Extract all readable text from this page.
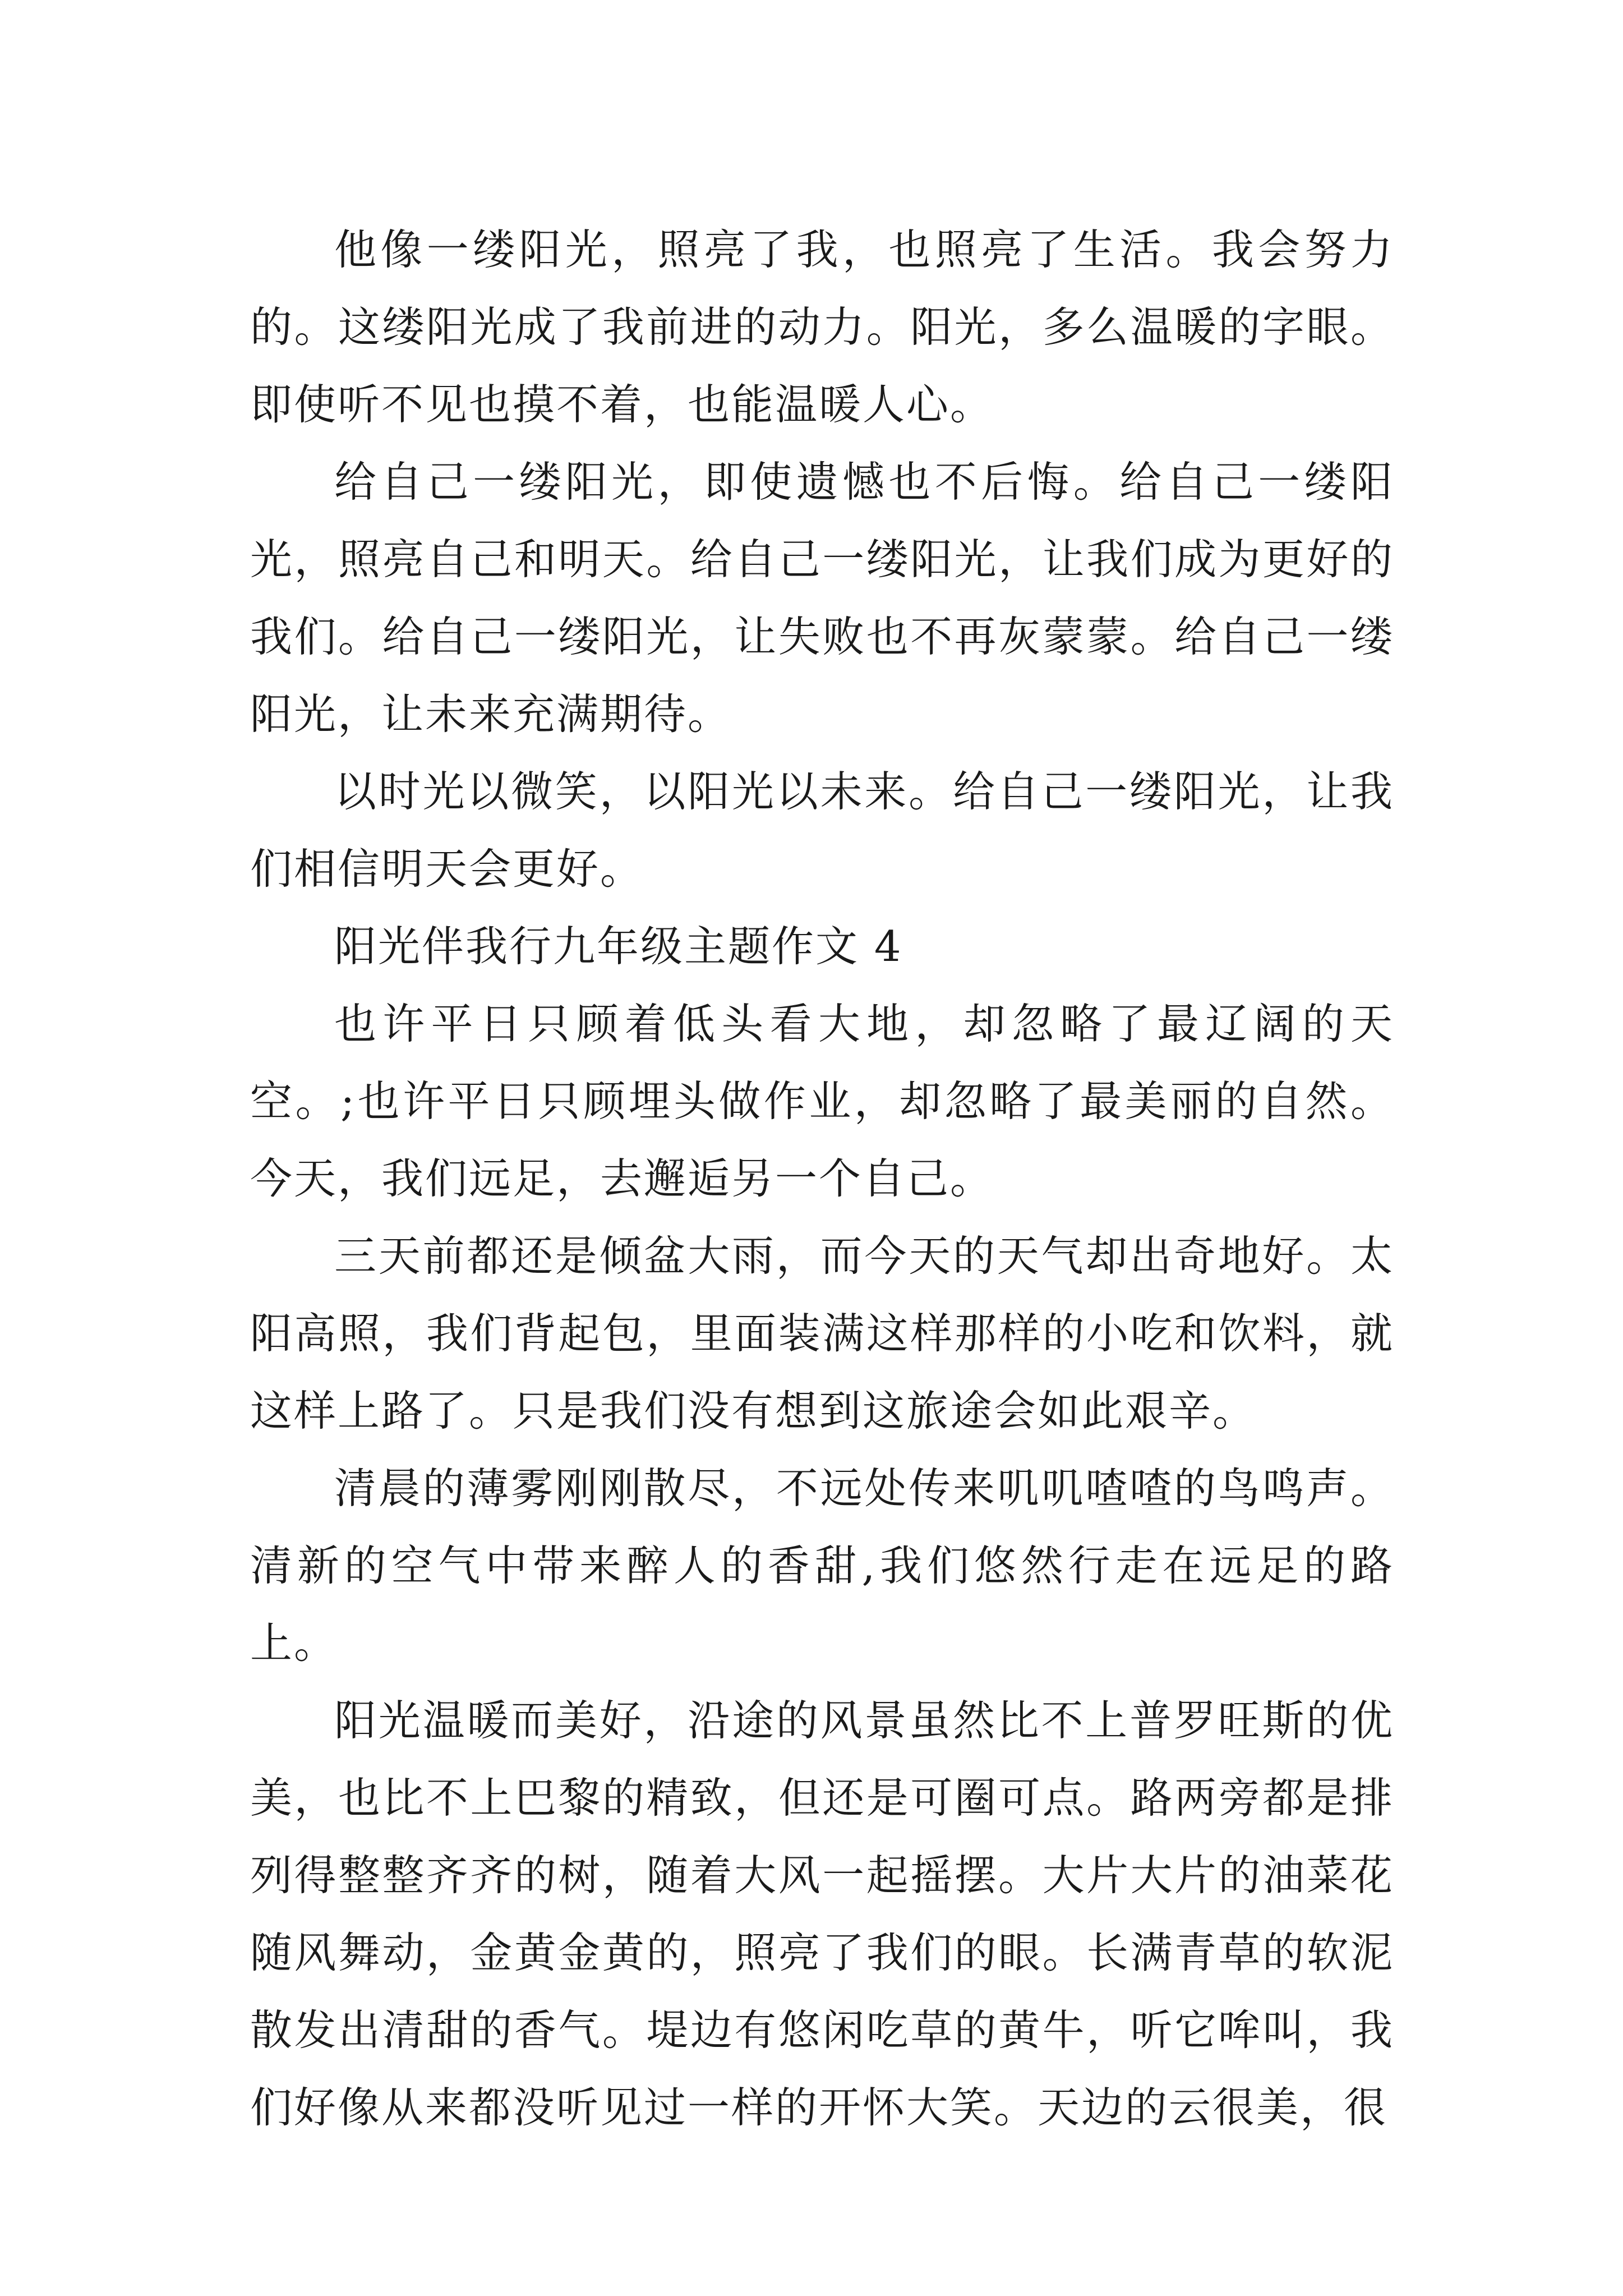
他像一缕阳光，照亮了我，也照亮了生活。我会努力的。这缕阳光成了我前进的动力。阳光，多么温暖的字眼。即使听不见也摸不着，也能温暖人心。

给自己一缕阳光，即使遗憾也不后悔。给自己一缕阳光，照亮自己和明天。给自己一缕阳光，让我们成为更好的我们。给自己一缕阳光，让失败也不再灰蒙蒙。给自己一缕阳光，让未来充满期待。

以时光以微笑，以阳光以未来。给自己一缕阳光，让我们相信明天会更好。

阳光伴我行九年级主题作文 4

也许平日只顾着低头看大地，却忽略了最辽阔的天空。;也许平日只顾埋头做作业，却忽略了最美丽的自然。今天，我们远足，去邂逅另一个自己。

三天前都还是倾盆大雨，而今天的天气却出奇地好。太阳高照，我们背起包，里面装满这样那样的小吃和饮料，就这样上路了。只是我们没有想到这旅途会如此艰辛。

清晨的薄雾刚刚散尽，不远处传来叽叽喳喳的鸟鸣声。清新的空气中带来醉人的香甜,我们悠然行走在远足的路上。

阳光温暖而美好，沿途的风景虽然比不上普罗旺斯的优美，也比不上巴黎的精致，但还是可圈可点。路两旁都是排列得整整齐齐的树，随着大风一起摇摆。大片大片的油菜花随风舞动，金黄金黄的，照亮了我们的眼。长满青草的软泥散发出清甜的香气。堤边有悠闲吃草的黄牛，听它哞叫，我们好像从来都没听见过一样的开怀大笑。天边的云很美，很
